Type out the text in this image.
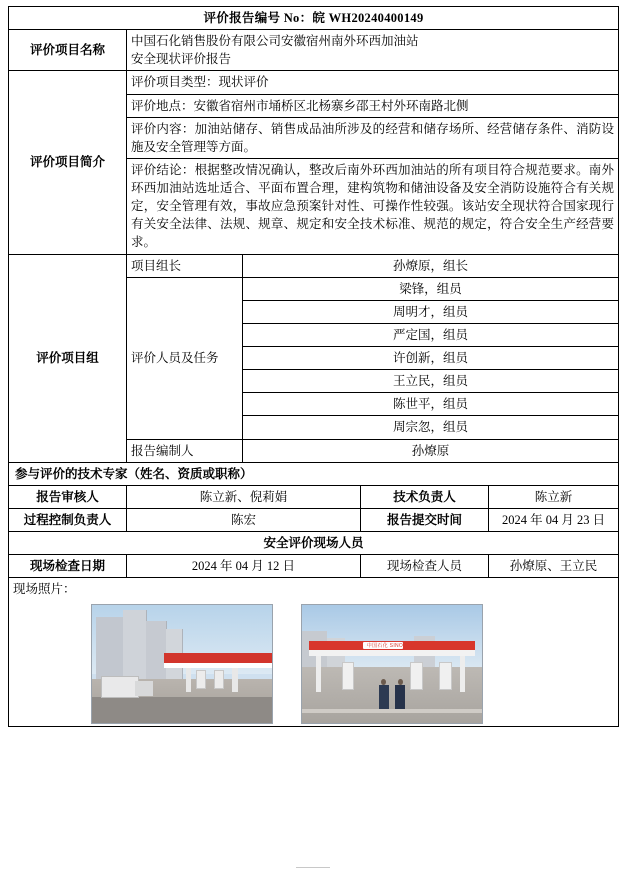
评价报告编号 No：皖 WH20240400149				
评价项目名称	中国石化销售股份有限公司安徽宿州南外环西加油站
安全现状评价报告			

评价项目简介	评价项目类型：现状评价			
	评价地点：安徽省宿州市埇桥区北杨寨乡邵王村外环南路北侧			
	评价内容：加油站储存、销售成品油所涉及的经营和储存场所、经营储存条件、消防设施及安全管理等方面。			
	评价结论：根据整改情况确认，整改后南外环西加油站的所有项目符合规范要求。南外环西加油站选址适合、平面布置合理，建构筑物和储油设备及安全消防设施符合有关规定，安全管理有效，事故应急预案针对性、可操作性较强。该站安全现状符合国家现行有关安全法律、法规、规章、规定和安全技术标准、规范的规定，符合安全生产经营要求。			
评价项目组	项目组长	孙燎原，组长		
	评价人员及任务	梁锋，组员		
		周明才，组员		
		严定国，组员		
		许创新，组员		
		王立民，组员		
		陈世平，组员		
		周宗忽，组员		
	报告编制人	孙燎原		
参与评价的技术专家（姓名、资质或职称）				
报告审核人	陈立新、倪莉娟		技术负责人	陈立新
过程控制负责人	陈宏		报告提交时间	2024 年 04 月 23 日
安全评价现场人员				
现场检查日期	2024 年 04 月 12 日		现场检查人员	孙燎原、王立民

现场照片：
中国石化 SINOPEC				
